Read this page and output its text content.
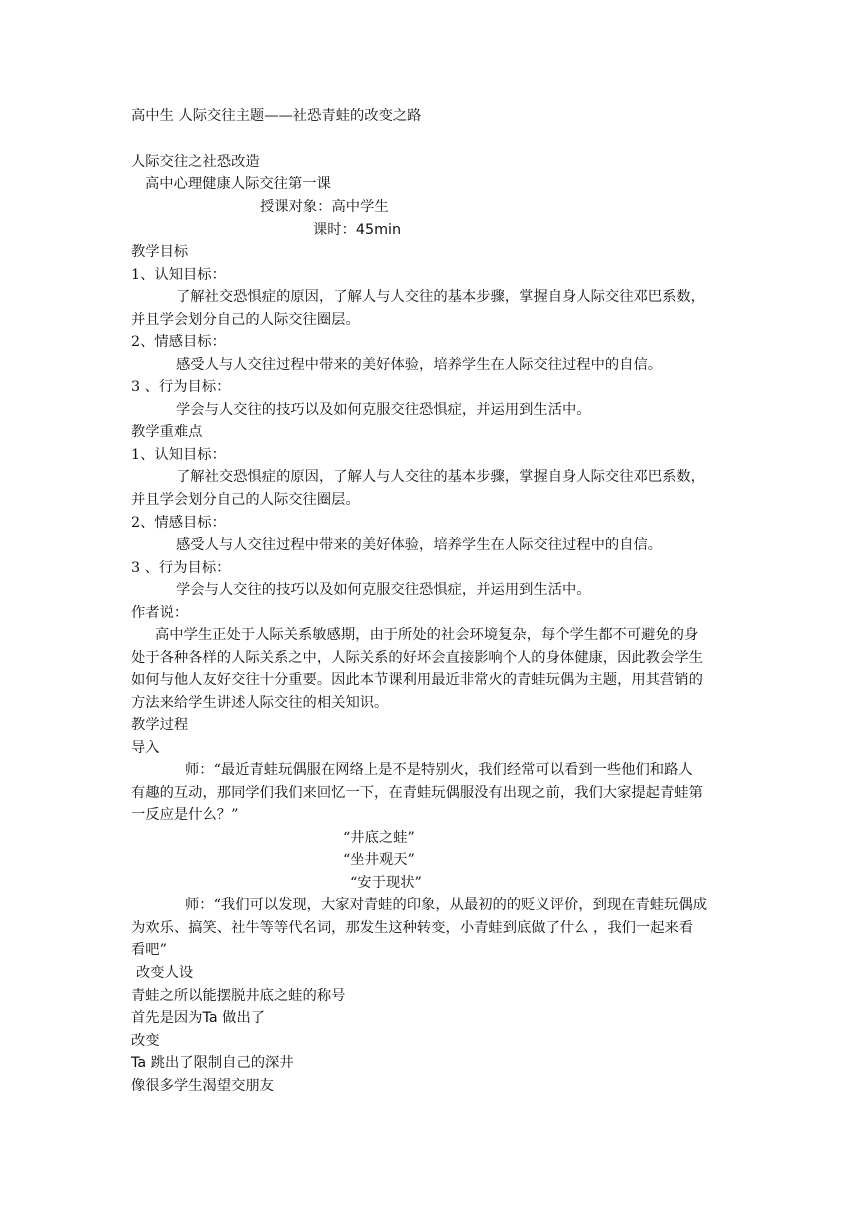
高中生 人际交往主题——社恐青蛙的改变之路
人际交往之社恐改造
高中心理健康人际交往第一课
授课对象：高中学生
课时：45min
教学目标
1、认知目标：
了解社交恐惧症的原因，了解人与人交往的基本步骤，掌握自身人际交往邓巴系数，
并且学会划分自己的人际交往圈层。
2、情感目标：
感受人与人交往过程中带来的美好体验，培养学生在人际交往过程中的自信。
3 、行为目标：
学会与人交往的技巧以及如何克服交往恐惧症，并运用到生活中。
教学重难点
1、认知目标：
了解社交恐惧症的原因，了解人与人交往的基本步骤，掌握自身人际交往邓巴系数，
并且学会划分自己的人际交往圈层。
2、情感目标：
感受人与人交往过程中带来的美好体验，培养学生在人际交往过程中的自信。
3 、行为目标：
学会与人交往的技巧以及如何克服交往恐惧症，并运用到生活中。
作者说：
高中学生正处于人际关系敏感期，由于所处的社会环境复杂，每个学生都不可避免的身
处于各种各样的人际关系之中，人际关系的好坏会直接影响个人的身体健康，因此教会学生
如何与他人友好交往十分重要。因此本节课利用最近非常火的青蛙玩偶为主题，用其营销的
方法来给学生讲述人际交往的相关知识。
教学过程
导入
师：“最近青蛙玩偶服在网络上是不是特别火，我们经常可以看到一些他们和路人
有趣的互动，那同学们我们来回忆一下，在青蛙玩偶服没有出现之前，我们大家提起青蛙第
一反应是什么？”
“井底之蛙”
“坐井观天”
“安于现状”
师：“我们可以发现，大家对青蛙的印象，从最初的的贬义评价，到现在青蛙玩偶成
为欢乐、搞笑、社牛等等代名词，那发生这种转变，小青蛙到底做了什么 ，我们一起来看
看吧”
改变人设
青蛙之所以能摆脱井底之蛙的称号
首先是因为Ta 做出了
改变
Ta 跳出了限制自己的深井
像很多学生渴望交朋友
